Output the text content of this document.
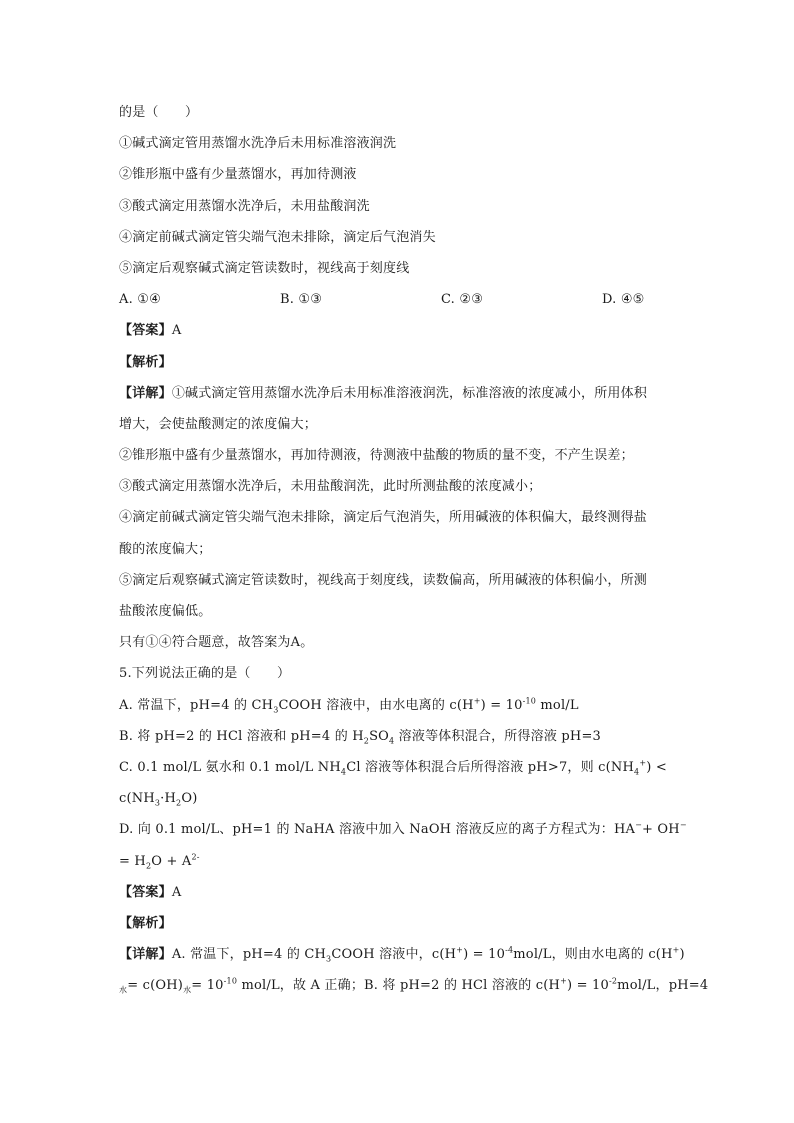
的是（　　）
①碱式滴定管用蒸馏水洗净后未用标准溶液润洗
②锥形瓶中盛有少量蒸馏水，再加待测液
③酸式滴定用蒸馏水洗净后，未用盐酸润洗
④滴定前碱式滴定管尖端气泡未排除，滴定后气泡消失
⑤滴定后观察碱式滴定管读数时，视线高于刻度线
A. ①④	B. ①③	C. ②③	D. ④⑤
【答案】A
【解析】
【详解】①碱式滴定管用蒸馏水洗净后未用标准溶液润洗，标准溶液的浓度减小，所用体积
增大，会使盐酸测定的浓度偏大；
②锥形瓶中盛有少量蒸馏水，再加待测液，待测液中盐酸的物质的量不变，不产生误差；
③酸式滴定用蒸馏水洗净后，未用盐酸润洗，此时所测盐酸的浓度减小；
④滴定前碱式滴定管尖端气泡未排除，滴定后气泡消失，所用碱液的体积偏大，最终测得盐
酸的浓度偏大；
⑤滴定后观察碱式滴定管读数时，视线高于刻度线，读数偏高，所用碱液的体积偏小，所测
盐酸浓度偏低。
只有①④符合题意，故答案为A。
5.下列说法正确的是（　　）
A. 常温下，pH=4 的 $CH_3COOH$ 溶液中，由水电离的 $c(H^+) = 10^{-10}$ mol/L
B. 将 pH=2 的 HCl 溶液和 pH=4 的 $H_2SO_4$ 溶液等体积混合，所得溶液 pH=3
C. 0.1 mol/L 氨水和 0.1 mol/L $NH_4Cl$ 溶液等体积混合后所得溶液 pH>7，则 $c(NH_4^+)$ <
$c(NH_3\cdot H_2O)$
D. 向 0.1 mol/L、pH=1 的 NaHA 溶液中加入 NaOH 溶液反应的离子方程式为：HA−+ OH−
= $H_2O + A^{2-}$
【答案】A
【解析】
【详解】A. 常温下，pH=4 的 $CH_3COOH$ 溶液中，$c(H^+) = 10^{-4}mol/L$，则由水电离的 c(H+)
$_水= c(OH)_水= 10^{-10}$ mol/L，故 A 正确；B. 将 pH=2 的 HCl 溶液的 $c(H^+) = 10^{-2}mol/L$，pH=4
